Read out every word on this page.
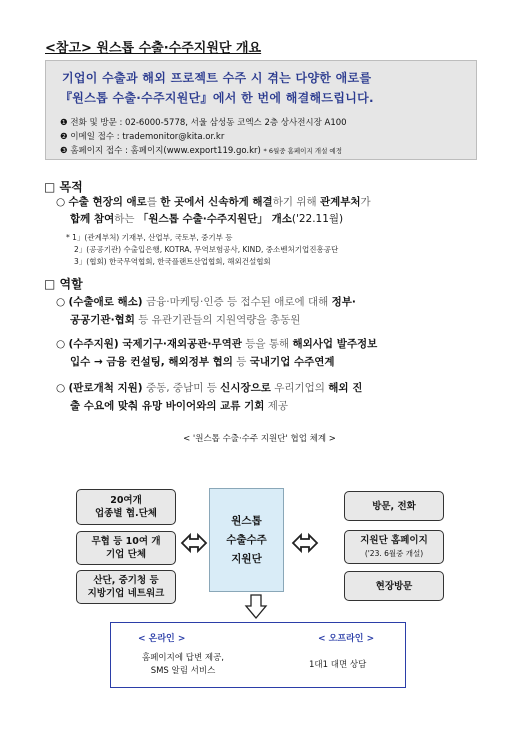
<참고> 원스톱 수출·수주지원단 개요
기업이 수출과 해외 프로젝트 수주 시 겪는 다양한 애로를
『원스톱 수출·수주지원단』에서 한 번에 해결해드립니다.
❶ 전화 및 방문 : 02-6000-5778, 서울 삼성동 코엑스 2층 상사전시장 A100
❷ 이메일 접수 : trademonitor@kita.or.kr
❸ 홈페이지 접수 : 홈페이지(www.export119.go.kr) * 6월중 홈페이지 개설 예정
□ 목적
○ 수출 현장의 애로를 한 곳에서 신속하게 해결하기 위해 관계부처가
합께 참여하는 「원스톱 수출·수주지원단」 개소('22.11월)
* 1」(관계부처) 기재부, 산업부, 국토부, 중기부 등
2」(공공기관) 수출입은행, KOTRA, 무역보험공사, KIND, 중소벤처기업진흥공단
3」(협회) 한국무역협회, 한국플랜트산업협회, 해외건설협회
□ 역할
○ (수출애로 해소) 금융·마케팅·인증 등 접수된 애로에 대해 정부·
공공기관·협회 등 유관기관들의 지원역량을 총동원
○ (수주지원) 국제기구·재외공관·무역관 등을 통해 해외사업 발주정보
입수 → 금융 컨설팅, 해외정부 협의 등 국내기업 수주연계
○ (판로개척 지원) 중동, 중남미 등 신시장으로 우리기업의 해외 진
출 수요에 맞춰 유망 바이어와의 교류 기회 제공
< '원스톱 수출·수주 지원단' 협업 체계 >
20여개
업종별 협.단체
무협 등 10여 개
기업 단체
산단, 중기청 등
지방기업 네트워크
원스톱
수출수주
지원단
방문, 전화
지원단 홈페이지
('23. 6월중 개설)
현장방문
< 온라인 >
홈페이지에 답변 제공,
SMS 알림 서비스
< 오프라인 >
1대1 대면 상담
